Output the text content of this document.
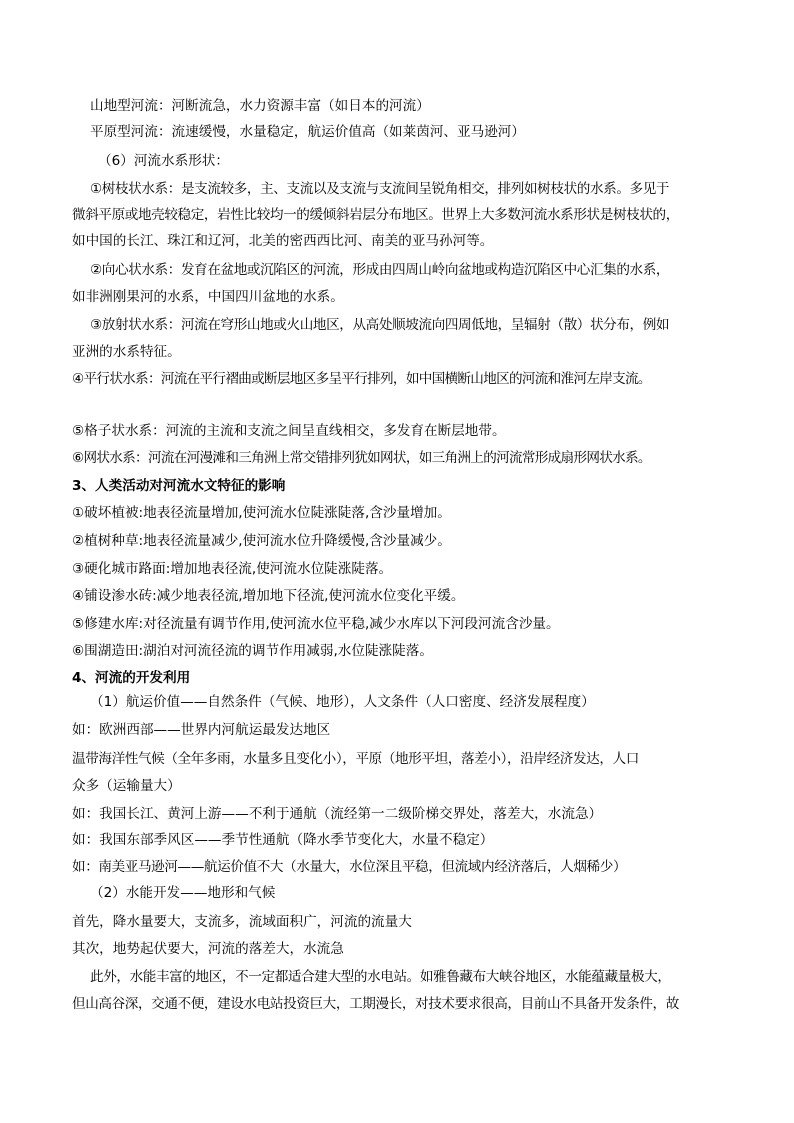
山地型河流：河断流急，水力资源丰富（如日本的河流）
平原型河流：流速缓慢，水量稳定，航运价值高（如莱茵河、亚马逊河）
（6）河流水系形状：
①树枝状水系：是支流较多，主、支流以及支流与支流间呈锐角相交，排列如树枝状的水系。多见于
微斜平原或地壳较稳定，岩性比较均一的缓倾斜岩层分布地区。世界上大多数河流水系形状是树枝状的，
如中国的长江、珠江和辽河，北美的密西西比河、南美的亚马孙河等。
②向心状水系：发育在盆地或沉陷区的河流，形成由四周山岭向盆地或构造沉陷区中心汇集的水系，
如非洲刚果河的水系，中国四川盆地的水系。
③放射状水系：河流在穹形山地或火山地区，从高处顺坡流向四周低地，呈辐射（散）状分布，例如
亚洲的水系特征。
④平行状水系：河流在平行褶曲或断层地区多呈平行排列，如中国横断山地区的河流和淮河左岸支流。
⑤格子状水系：河流的主流和支流之间呈直线相交，多发育在断层地带。
⑥网状水系：河流在河漫滩和三角洲上常交错排列犹如网状，如三角洲上的河流常形成扇形网状水系。
3、人类活动对河流水文特征的影响
①破坏植被:地表径流量增加,使河流水位陡涨陡落,含沙量增加。
②植树种草:地表径流量减少,使河流水位升降缓慢,含沙量减少。
③硬化城市路面:增加地表径流,使河流水位陡涨陡落。
④铺设渗水砖:减少地表径流,增加地下径流,使河流水位变化平缓。
⑤修建水库:对径流量有调节作用,使河流水位平稳,减少水库以下河段河流含沙量。
⑥围湖造田:湖泊对河流径流的调节作用减弱,水位陡涨陡落。
4、河流的开发利用
（1）航运价值——自然条件（气候、地形），人文条件（人口密度、经济发展程度）
如：欧洲西部——世界内河航运最发达地区
温带海洋性气候（全年多雨，水量多且变化小），平原（地形平坦，落差小），沿岸经济发达，人口
众多（运输量大）
如：我国长江、黄河上游——不利于通航（流经第一二级阶梯交界处，落差大，水流急）
如：我国东部季风区——季节性通航（降水季节变化大，水量不稳定）
如：南美亚马逊河——航运价值不大（水量大，水位深且平稳，但流域内经济落后，人烟稀少）
（2）水能开发——地形和气候
首先，降水量要大，支流多，流域面积广，河流的流量大
其次，地势起伏要大，河流的落差大，水流急
此外，水能丰富的地区，不一定都适合建大型的水电站。如雅鲁藏布大峡谷地区，水能蕴藏量极大，
但山高谷深，交通不便，建设水电站投资巨大，工期漫长，对技术要求很高，目前山不具备开发条件，故
